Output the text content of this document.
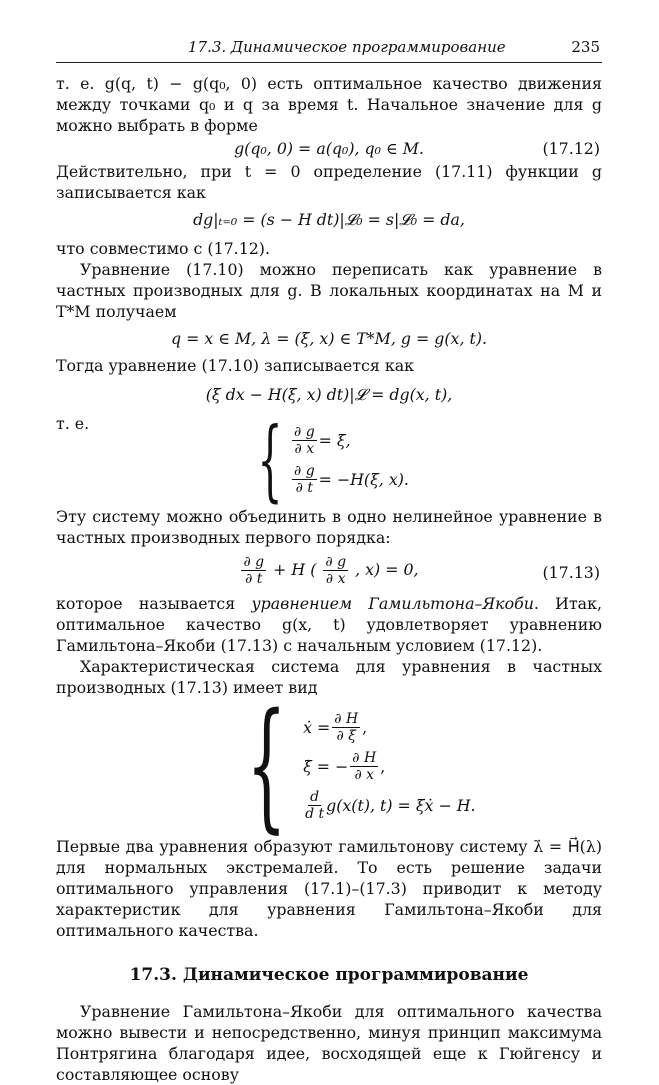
17.3. Динамическое программирование	235

т. е. g(q, t) − g(q₀, 0) есть оптимальное качество движения между точками q₀ и q за время t. Начальное значение для g можно выбрать в форме

g(q₀, 0) = a(q₀), q₀ ∈ M.	(17.12)

Действительно, при t = 0 определение (17.11) функции g записывается как

dg|ₜ₌₀ = (s − H dt)|𝓛₀ = s|𝓛₀ = da,

что совместимо с (17.12).

Уравнение (17.10) можно переписать как уравнение в частных производных для g. В локальных координатах на M и T*M получаем

q = x ∈ M, λ = (ξ, x) ∈ T*M, g = g(x, t).

Тогда уравнение (17.10) записывается как

(ξ dx − H(ξ, x) dt)|𝓛 = dg(x, t),

т. е.	{ $\frac{\partial g}{\partial x} = \xi$,
$\frac{\partial g}{\partial t} = -H(\xi$, x).

Эту систему можно объединить в одно нелинейное уравнение в частных производных первого порядка:

$\frac{\partial g}{\partial t} + H$ ( $\frac{\partial g}{\partial x}$ , x) = 0,	(17.13)

которое называется уравнением Гамильтона–Якоби. Итак, оптимальное качество g(x, t) удовлетворяет уравнению Гамильтона–Якоби (17.13) с начальным условием (17.12).

Характеристическая система для уравнения в частных производных (17.13) имеет вид

{ ẋ = $\frac{\partial H}{\partial \xi}$ ,
ξ̇ = − $\frac{\partial H}{\partial x}$ ,
$\frac{d}{\text{d t}} g(x(t)$, t) = ξẋ − H.

Первые два уравнения образуют гамильтонову систему λ̇ = H⃗(λ) для нормальных экстремалей. То есть решение задачи оптимального управления (17.1)–(17.3) приводит к методу характеристик для уравнения Гамильтона–Якоби для оптимального качества.

17.3. Динамическое программирование

Уравнение Гамильтона–Якоби для оптимального качества можно вывести и непосредственно, минуя принцип максимума Понтрягина благодаря идее, восходящей еще к Гюйгенсу и составляющее основу
